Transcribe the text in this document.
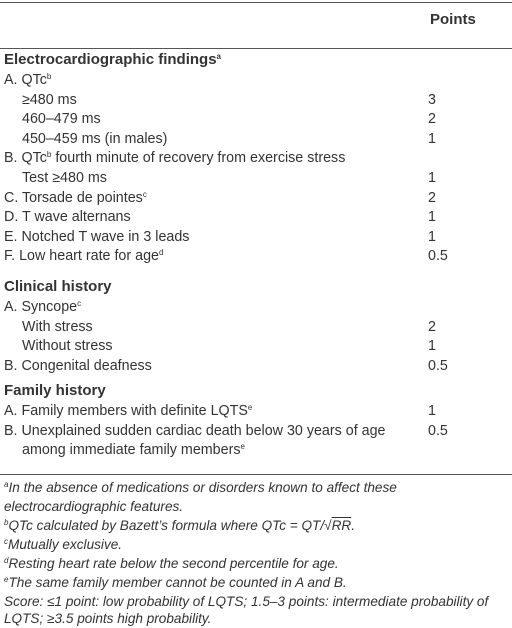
Points
Electrocardiographic findings$^a$
A. QTc$^b$
≥480 ms	3
460–479 ms	2
450–459 ms (in males)	1
B. QTc$^b$ fourth minute of recovery from exercise stress
Test ≥480 ms	1
C. Torsade de pointes$^c$	2
D. T wave alternans	1
E. Notched T wave in 3 leads	1
F. Low heart rate for age$^d$	0.5
Clinical history
A. Syncope$^c$
With stress	2
Without stress	1
B. Congenital deafness	0.5
Family history
A. Family members with definite LQTS$^e$	1
B. Unexplained sudden cardiac death below 30 years of age	0.5
among immediate family members$^e$
$^a$In the absence of medications or disorders known to affect these electrocardiographic features.
$^b$QTc calculated by Bazett’s formula where QTc = QT/√RR.
$^c$Mutually exclusive.
$^d$Resting heart rate below the second percentile for age.
$^e$The same family member cannot be counted in A and B.
Score: ≤1 point: low probability of LQTS; 1.5–3 points: intermediate probability of
LQTS; ≥3.5 points high probability.
